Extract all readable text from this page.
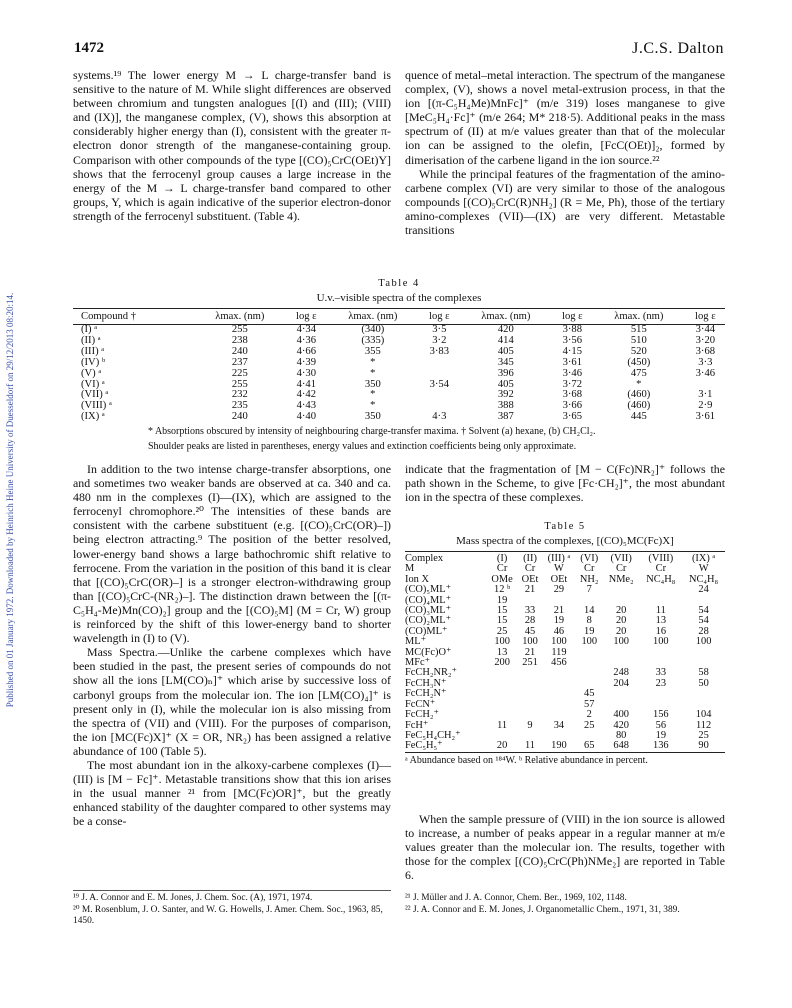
Published on 01 January 1972. Downloaded by Heinrich Heine University of Duesseldorf on 29/12/2013 08:20:14.
1472	J.C.S. Dalton

systems.¹⁹ The lower energy M → L charge-transfer band is sensitive to the nature of M. While slight differences are observed between chromium and tungsten analogues [(I) and (III); (VIII) and (IX)], the manganese complex, (V), shows this absorption at considerably higher energy than (I), consistent with the greater π-electron donor strength of the manganese-containing group. Comparison with other compounds of the type [(CO)₅CrC(OEt)Y] shows that the ferrocenyl group causes a large increase in the energy of the M → L charge-transfer band compared to other groups, Y, which is again indicative of the superior electron-donor strength of the ferrocenyl substituent. (Table 4).

quence of metal–metal interaction. The spectrum of the manganese complex, (V), shows a novel metal-extrusion process, in that the ion [(π-C₅H₄Me)MnFc]⁺ (m/e 319) loses manganese to give [MeC₅H₄·Fc]⁺ (m/e 264; M* 218·5). Additional peaks in the mass spectrum of (II) at m/e values greater than that of the molecular ion can be assigned to the olefin, [FcC(OEt)]₂, formed by dimerisation of the carbene ligand in the ion source.²²

While the principal features of the fragmentation of the amino-carbene complex (VI) are very similar to those of the analogous compounds [(CO)₅CrC(R)NH₂] (R = Me, Ph), those of the tertiary amino-complexes (VII)—(IX) are very different. Metastable transitions

Table 4
U.v.–visible spectra of the complexes
Compound †	λmax. (nm)	log ε	λmax. (nm)	log ε	λmax. (nm)	log ε	λmax. (nm)	log ε
(I) ᵃ	255	4·34	(340)	3·5	420	3·88	515	3·44
(II) ᵃ	238	4·36	(335)	3·2	414	3·56	510	3·20
(III) ᵃ	240	4·66	355	3·83	405	4·15	520	3·68
(IV) ᵇ	237	4·39	*		345	3·61	(450)	3·3
(V) ᵃ	225	4·30	*		396	3·46	475	3·46
(VI) ᵃ	255	4·41	350	3·54	405	3·72	*	
(VII) ᵃ	232	4·42	*		392	3·68	(460)	3·1
(VIII) ᵃ	235	4·43	*		388	3·66	(460)	2·9
(IX) ᵃ	240	4·40	350	4·3	387	3·65	445	3·61
* Absorptions obscured by intensity of neighbouring charge-transfer maxima. † Solvent (a) hexane, (b) CH₂Cl₂.
Shoulder peaks are listed in parentheses, energy values and extinction coefficients being only approximate.

In addition to the two intense charge-transfer absorptions, one and sometimes two weaker bands are observed at ca. 340 and ca. 480 nm in the complexes (I)—(IX), which are assigned to the ferrocenyl chromophore.²⁰ The intensities of these bands are consistent with the carbene substituent (e.g. [(CO)₅CrC(OR)–]) being electron attracting.⁹ The position of the better resolved, lower-energy band shows a large bathochromic shift relative to ferrocene. From the variation in the position of this band it is clear that [(CO)₅CrC(OR)–] is a stronger electron-withdrawing group than [(CO)₅CrC-(NR₂)–]. The distinction drawn between the [(π-C₅H₄-Me)Mn(CO)₂] group and the [(CO)₅M] (M = Cr, W) group is reinforced by the shift of this lower-energy band to shorter wavelength in (I) to (V).

Mass Spectra.—Unlike the carbene complexes which have been studied in the past, the present series of compounds do not show all the ions [LM(CO)ₙ]⁺ which arise by successive loss of carbonyl groups from the molecular ion. The ion [LM(CO)₄]⁺ is present only in (I), while the molecular ion is also missing from the spectra of (VII) and (VIII). For the purposes of comparison, the ion [MC(Fc)X]⁺ (X = OR, NR₂) has been assigned a relative abundance of 100 (Table 5).

The most abundant ion in the alkoxy-carbene complexes (I)—(III) is [M − Fc]⁺. Metastable transitions show that this ion arises in the usual manner ²¹ from [MC(Fc)OR]⁺, but the greatly enhanced stability of the daughter compared to other systems may be a conse-

indicate that the fragmentation of [M − C(Fc)NR₂]⁺ follows the path shown in the Scheme, to give [Fc·CH₂]⁺, the most abundant ion in the spectra of these complexes.

Table 5
Mass spectra of the complexes, [(CO)₅MC(Fc)X]
Complex	(I)	(II)	(III) ᵃ	(VI)	(VII)	(VIII)	(IX) ᵃ
M	Cr	Cr	W	Cr	Cr	Cr	W
Ion X	OMe	OEt	OEt	NH₂	NMe₂	NC₄H₈	NC₄H₈
(CO)₅ML⁺	12 ᵇ	21	29	7			24
(CO)₄ML⁺	19						
(CO)₃ML⁺	15	33	21	14	20	11	54
(CO)₂ML⁺	15	28	19	8	20	13	54
(CO)ML⁺	25	45	46	19	20	16	28
ML⁺	100	100	100	100	100	100	100
MC(Fc)O⁺	13	21	119				
MFc⁺	200	251	456				
FcCH₂NR₂⁺					248	33	58
FcCH₃N⁺					204	23	50
FcCH₂N⁺				45			
FcCN⁺				57			
FcCH₂⁺				2	400	156	104
FcH⁺	11	9	34	25	420	56	112
FeC₅H₄CH₂⁺					80	19	25
FeC₅H₅⁺	20	11	190	65	648	136	90
ᵃ Abundance based on ¹⁸⁴W. ᵇ Relative abundance in percent.

When the sample pressure of (VIII) in the ion source is allowed to increase, a number of peaks appear in a regular manner at m/e values greater than the molecular ion. The results, together with those for the complex [(CO)₅CrC(Ph)NMe₂] are reported in Table 6.

¹⁹ J. A. Connor and E. M. Jones, J. Chem. Soc. (A), 1971, 1974.
²⁰ M. Rosenblum, J. O. Santer, and W. G. Howells, J. Amer. Chem. Soc., 1963, 85, 1450.
²¹ J. Müller and J. A. Connor, Chem. Ber., 1969, 102, 1148.
²² J. A. Connor and E. M. Jones, J. Organometallic Chem., 1971, 31, 389.
